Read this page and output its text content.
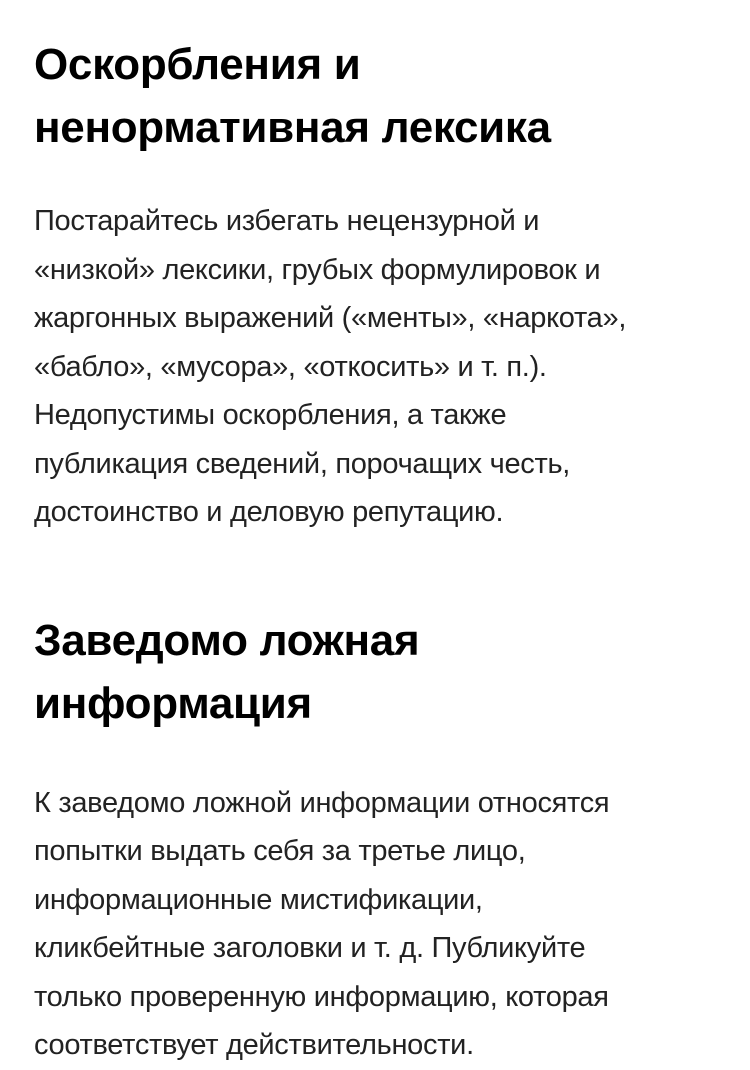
Оскорбления и
ненормативная лексика

Постарайтесь избегать нецензурной и
«низкой» лексики, грубых формулировок и
жаргонных выражений («менты», «наркота»,
«бабло», «мусора», «откосить» и т. п.).
Недопустимы оскорбления, а также
публикация сведений, порочащих честь,
достоинство и деловую репутацию.

Заведомо ложная
информация

К заведомо ложной информации относятся
попытки выдать себя за третье лицо,
информационные мистификации,
кликбейтные заголовки и т. д. Публикуйте
только проверенную информацию, которая
соответствует действительности.
